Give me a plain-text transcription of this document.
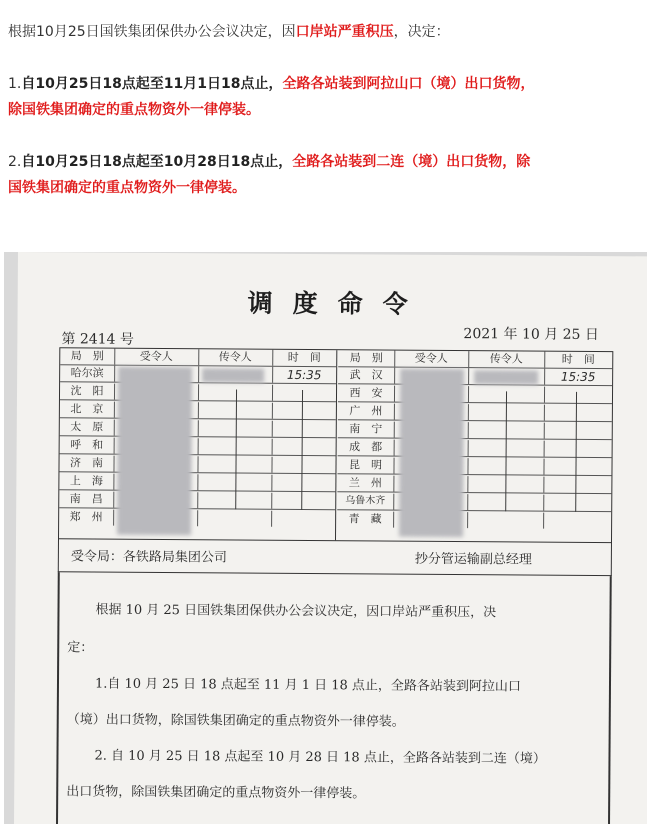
根据10月25日国铁集团保供办公会议决定，因口岸站严重积压，决定：
1.自10月25日18点起至11月1日18点止，全路各站装到阿拉山口（境）出口货物，
除国铁集团确定的重点物资外一律停装。
2.自10月25日18点起至10月28日18点止，全路各站装到二连（境）出口货物，除
国铁集团确定的重点物资外一律停装。
调度命令
第 2414 号	2021 年 10 月 25 日
局　别	受令人	传令人	时　间
哈尔滨	15:35
沈　阳
北　京
太　原
呼　和
济　南
上　海
南　昌
郑　州
局　别	受令人	传令人	时　间
武　汉	15:35
西　安
广　州
南　宁
成　都
昆　明
兰　州
乌鲁木齐
青　藏
受令局：各铁路局集团公司	抄分管运输副总经理
根据 10 月 25 日国铁集团保供办公会议决定，因口岸站严重积压，决
定：
1.自 10 月 25 日 18 点起至 11 月 1 日 18 点止，全路各站装到阿拉山口
（境）出口货物，除国铁集团确定的重点物资外一律停装。
2. 自 10 月 25 日 18 点起至 10 月 28 日 18 点止，全路各站装到二连（境）
出口货物，除国铁集团确定的重点物资外一律停装。
